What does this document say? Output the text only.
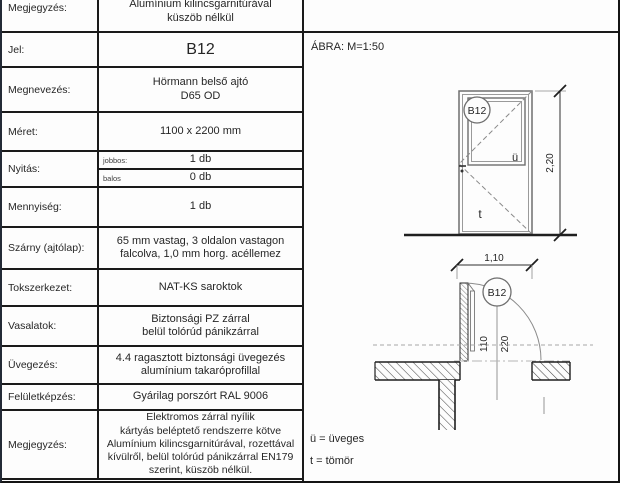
Megjegyzés:	Alumínium kilincsgarnitúrával
küszöb nélkül
Jel:	B12
Megnevezés:
Hörmann belső ajtó
D65 OD
Méret:	1100 x 2200 mm
Nyitás:
jobbos:	1 db
balos	0 db
Mennyiség:	1 db
Szárny (ajtólap):
65 mm vastag, 3 oldalon vastagon
falcolva, 1,0 mm horg. acéllemez
Tokszerkezet:	NAT-KS saroktok
Vasalatok:
Biztonsági PZ zárral
belül tolórúd pánikzárral
Üvegezés:
4.4 ragasztott biztonsági üvegezés
alumínium takaróprofillal
Felületképzés:	Gyárilag porszórt RAL 9006
Megjegyzés:
Elektromos zárral nyílik
kártyás beléptető rendszerre kötve
Alumínium kilincsgarnitúrával, rozettával
kívülről, belül tolórúd pánikzárral EN179
szerint, küszöb nélkül.
ÁBRA: M=1:50
B12
ü
t
2,20
1,10
B12
110 220
ü = üveges
t = tömör
